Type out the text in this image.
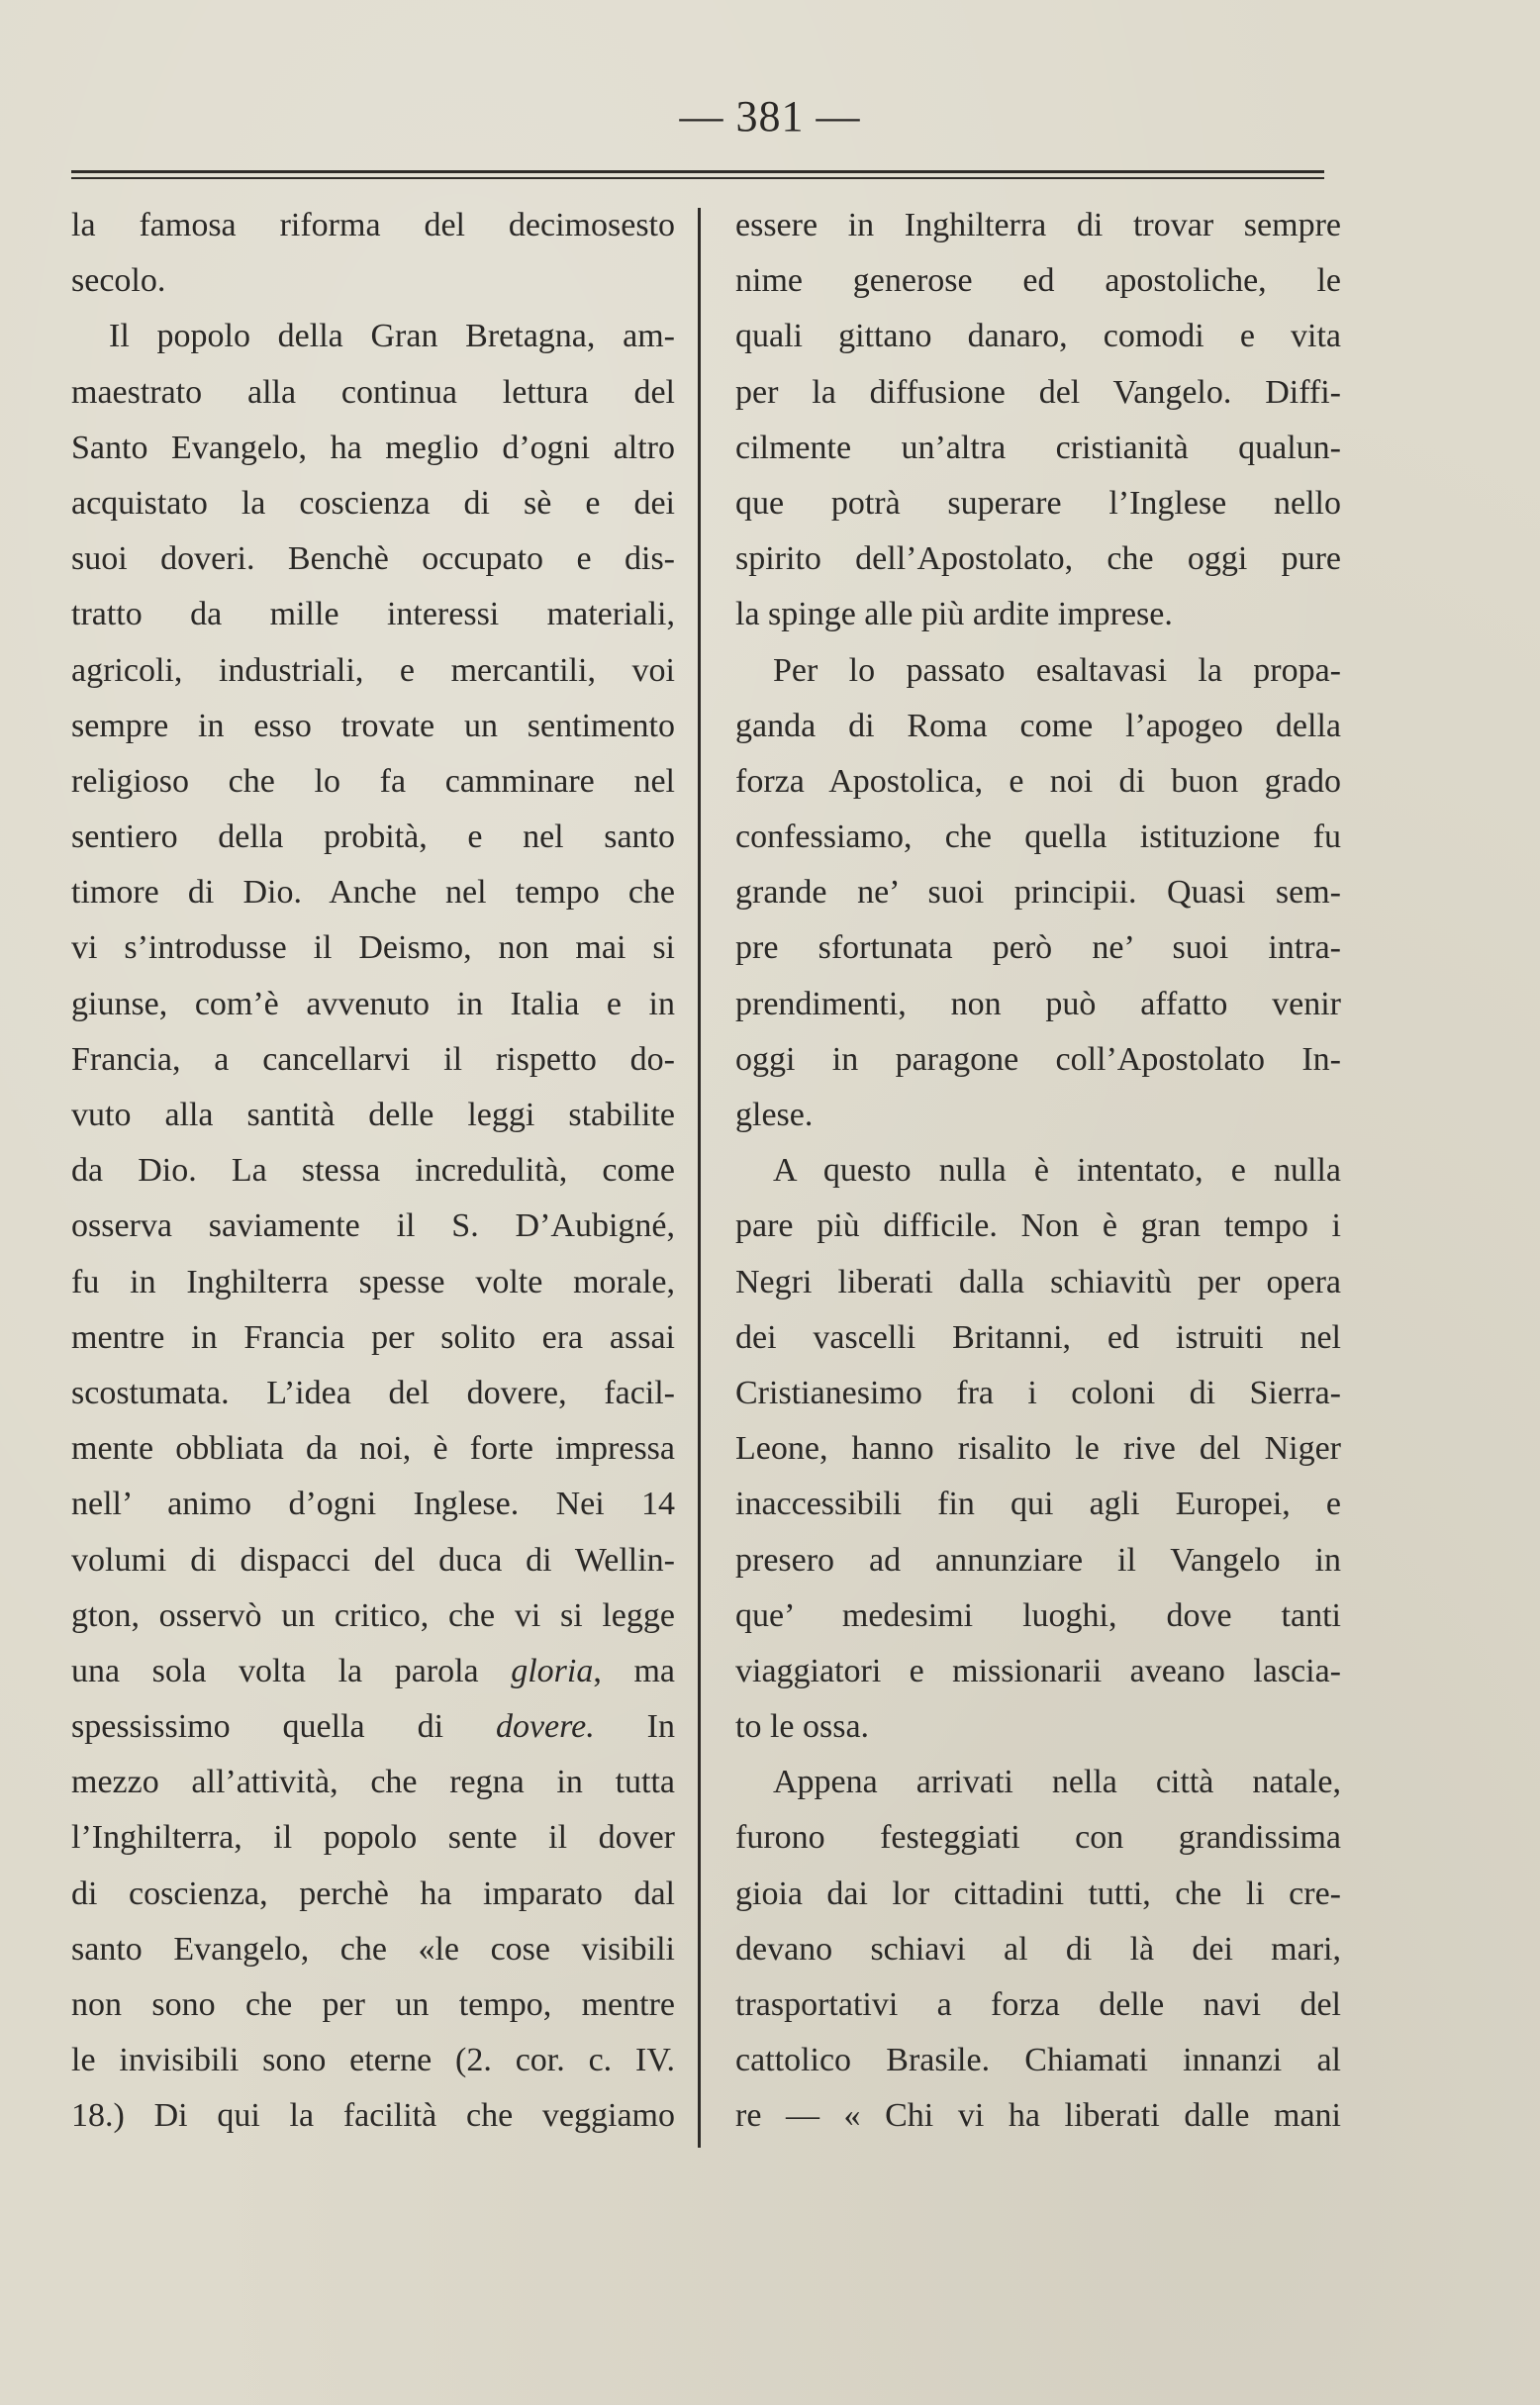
— 381 —
la famosa riforma del decimosesto
secolo.
Il popolo della Gran Bretagna, am-
maestrato alla continua lettura del
Santo Evangelo, ha meglio d’ogni altro
acquistato la coscienza di sè e dei
suoi doveri. Benchè occupato e dis-
tratto da mille interessi materiali,
agricoli, industriali, e mercantili, voi
sempre in esso trovate un sentimento
religioso che lo fa camminare nel
sentiero della probità, e nel santo
timore di Dio. Anche nel tempo che
vi s’introdusse il Deismo, non mai si
giunse, com’è avvenuto in Italia e in
Francia, a cancellarvi il rispetto do-
vuto alla santità delle leggi stabilite
da Dio. La stessa incredulità, come
osserva saviamente il S. D’Aubigné,
fu in Inghilterra spesse volte morale,
mentre in Francia per solito era assai
scostumata. L’idea del dovere, facil-
mente obbliata da noi, è forte impressa
nell’ animo d’ogni Inglese. Nei 14
volumi di dispacci del duca di Wellin-
gton, osservò un critico, che vi si legge
una sola volta la parola gloria, ma
spessissimo quella di dovere. In
mezzo all’attività, che regna in tutta
l’Inghilterra, il popolo sente il dover
di coscienza, perchè ha imparato dal
santo Evangelo, che «le cose visibili
non sono che per un tempo, mentre
le invisibili sono eterne (2. cor. c. IV.
18.) Di qui la facilità che veggiamo
essere in Inghilterra di trovar sempre
nime generose ed apostoliche, le
quali gittano danaro, comodi e vita
per la diffusione del Vangelo. Diffi-
cilmente un’altra cristianità qualun-
que potrà superare l’Inglese nello
spirito dell’Apostolato, che oggi pure
la spinge alle più ardite imprese.
Per lo passato esaltavasi la propa-
ganda di Roma come l’apogeo della
forza Apostolica, e noi di buon grado
confessiamo, che quella istituzione fu
grande ne’ suoi principii. Quasi sem-
pre sfortunata però ne’ suoi intra-
prendimenti, non può affatto venir
oggi in paragone coll’Apostolato In-
glese.
A questo nulla è intentato, e nulla
pare più difficile. Non è gran tempo i
Negri liberati dalla schiavitù per opera
dei vascelli Britanni, ed istruiti nel
Cristianesimo fra i coloni di Sierra-
Leone, hanno risalito le rive del Niger
inaccessibili fin qui agli Europei, e
presero ad annunziare il Vangelo in
que’ medesimi luoghi, dove tanti
viaggiatori e missionarii aveano lascia-
to le ossa.
Appena arrivati nella città natale,
furono festeggiati con grandissima
gioia dai lor cittadini tutti, che li cre-
devano schiavi al di là dei mari,
trasportativi a forza delle navi del
cattolico Brasile. Chiamati innanzi al
re — « Chi vi ha liberati dalle mani
